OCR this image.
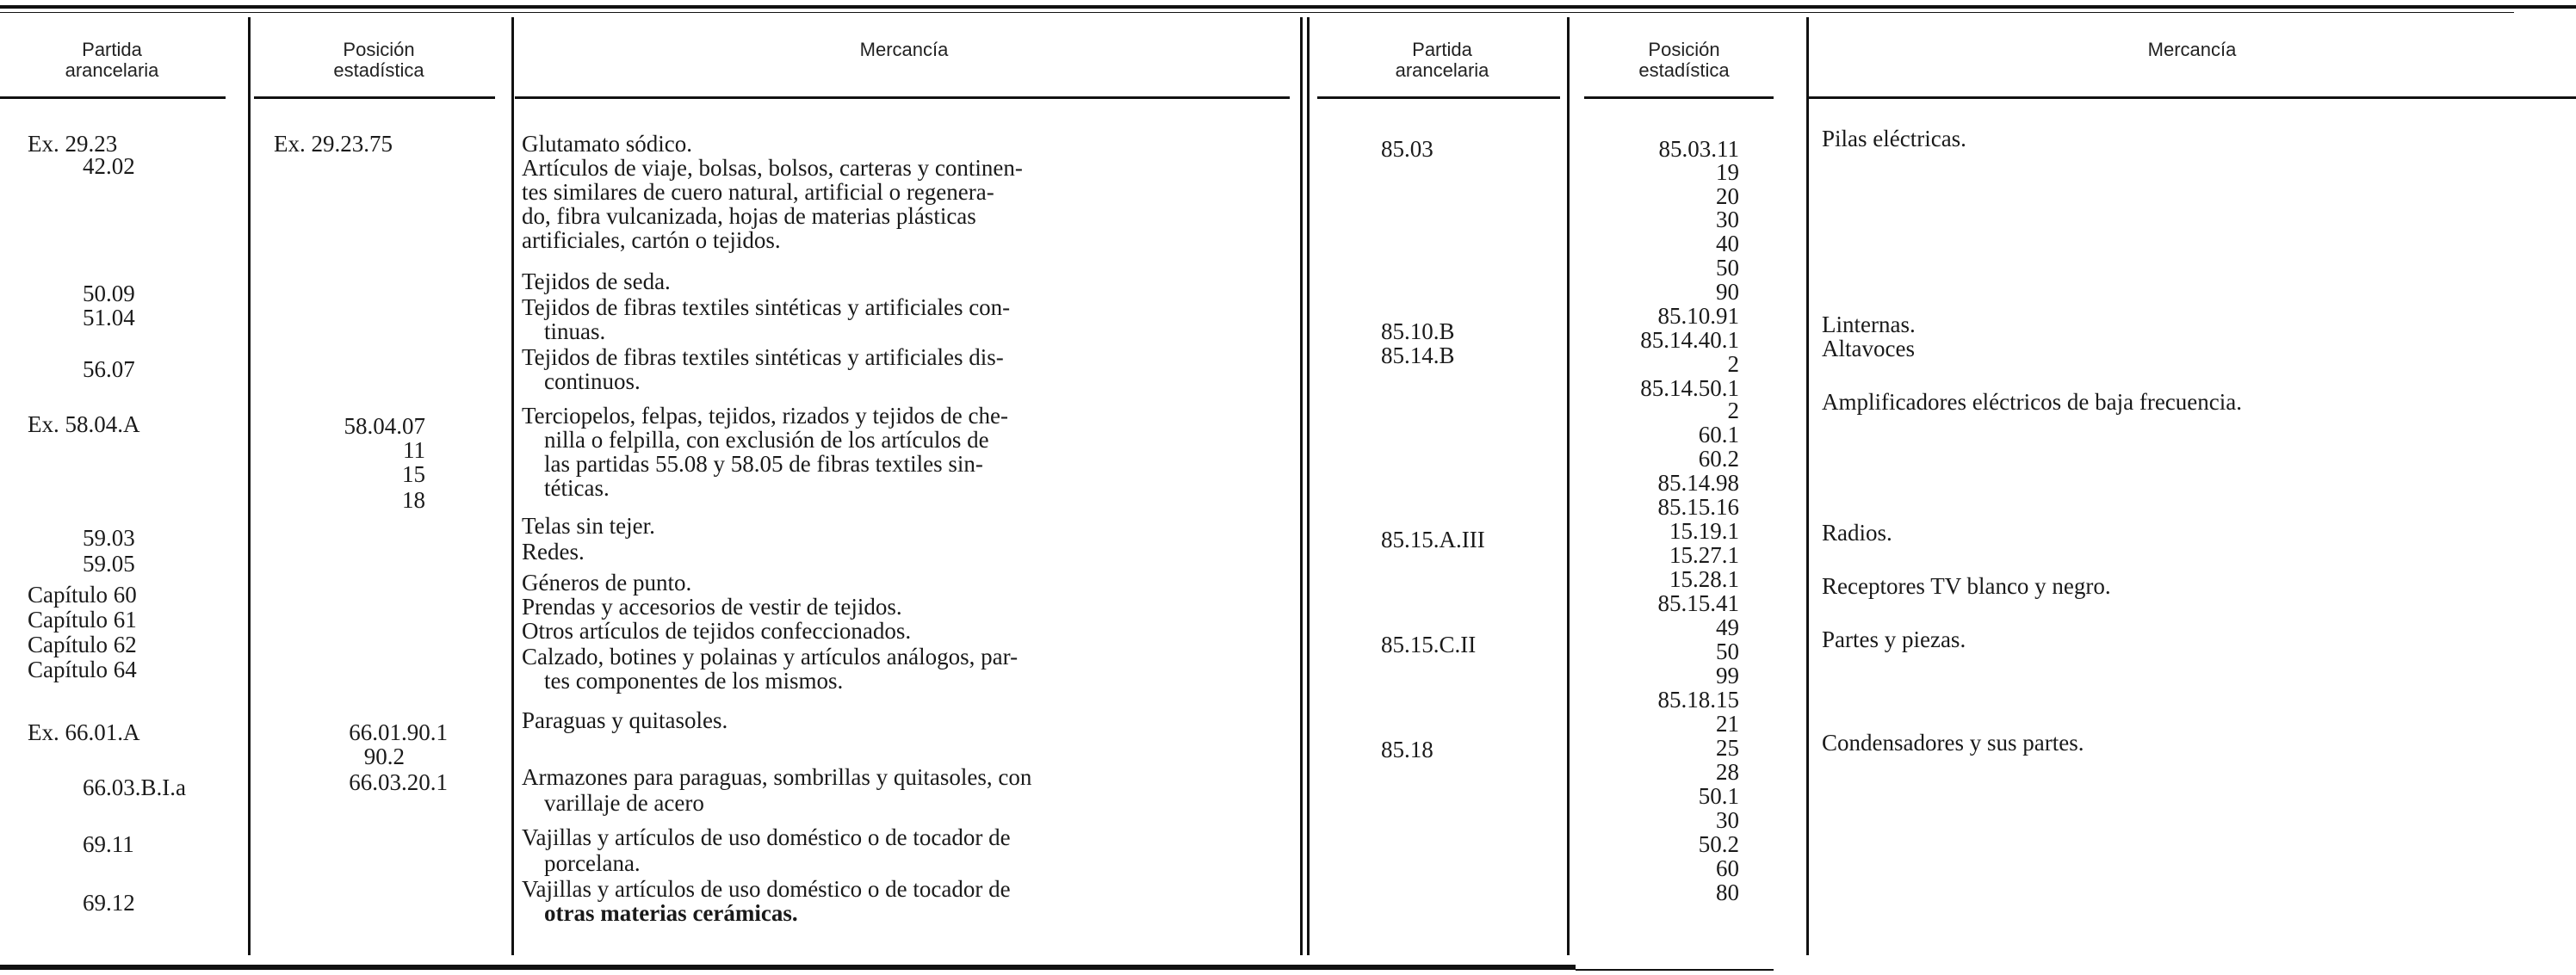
Partida
arancelaria
Posición
estadística
Mercancía	Partida
arancelaria
Posición
estadística
Mercancía
Ex. 29.23
42.02
50.09
51.04
56.07
Ex. 58.04.A
59.03
59.05
Capítulo 60
Capítulo 61
Capítulo 62
Capítulo 64
Ex. 66.01.A
66.03.B.I.a
69.11
69.12
Ex. 29.23.75
58.04.07
11
15
18
66.01.90.1
90.2
66.03.20.1
Glutamato sódico.
Artículos de viaje, bolsas, bolsos, carteras y continen-
tes similares de cuero natural, artificial o regenera-
do, fibra vulcanizada, hojas de materias plásticas
artificiales, cartón o tejidos.
Tejidos de seda.
Tejidos de fibras textiles sintéticas y artificiales con-
tinuas.
Tejidos de fibras textiles sintéticas y artificiales dis-
continuos.
Terciopelos, felpas, tejidos, rizados y tejidos de che-
nilla o felpilla, con exclusión de los artículos de
las partidas 55.08 y 58.05 de fibras textiles sin-
téticas.
Telas sin tejer.
Redes.
Géneros de punto.
Prendas y accesorios de vestir de tejidos.
Otros artículos de tejidos confeccionados.
Calzado, botines y polainas y artículos análogos, par-
tes componentes de los mismos.
Paraguas y quitasoles.
Armazones para paraguas, sombrillas y quitasoles, con
varillaje de acero
Vajillas y artículos de uso doméstico o de tocador de
porcelana.
Vajillas y artículos de uso doméstico o de tocador de
otras materias cerámicas.
85.03
85.10.B
85.14.B
85.15.A.III
85.15.C.II
85.18
85.03.11
19
20
30
40
50
90
85.10.91
85.14.40.1
2
85.14.50.1
2
60.1
60.2
85.14.98
85.15.16
15.19.1
15.27.1
15.28.1
85.15.41
49
50
99
85.18.15
21
25
28
50.1
30
50.2
60
80
Pilas eléctricas.
Linternas.
Altavoces
Amplificadores eléctricos de baja frecuencia.
Radios.
Receptores TV blanco y negro.
Partes y piezas.
Condensadores y sus partes.
